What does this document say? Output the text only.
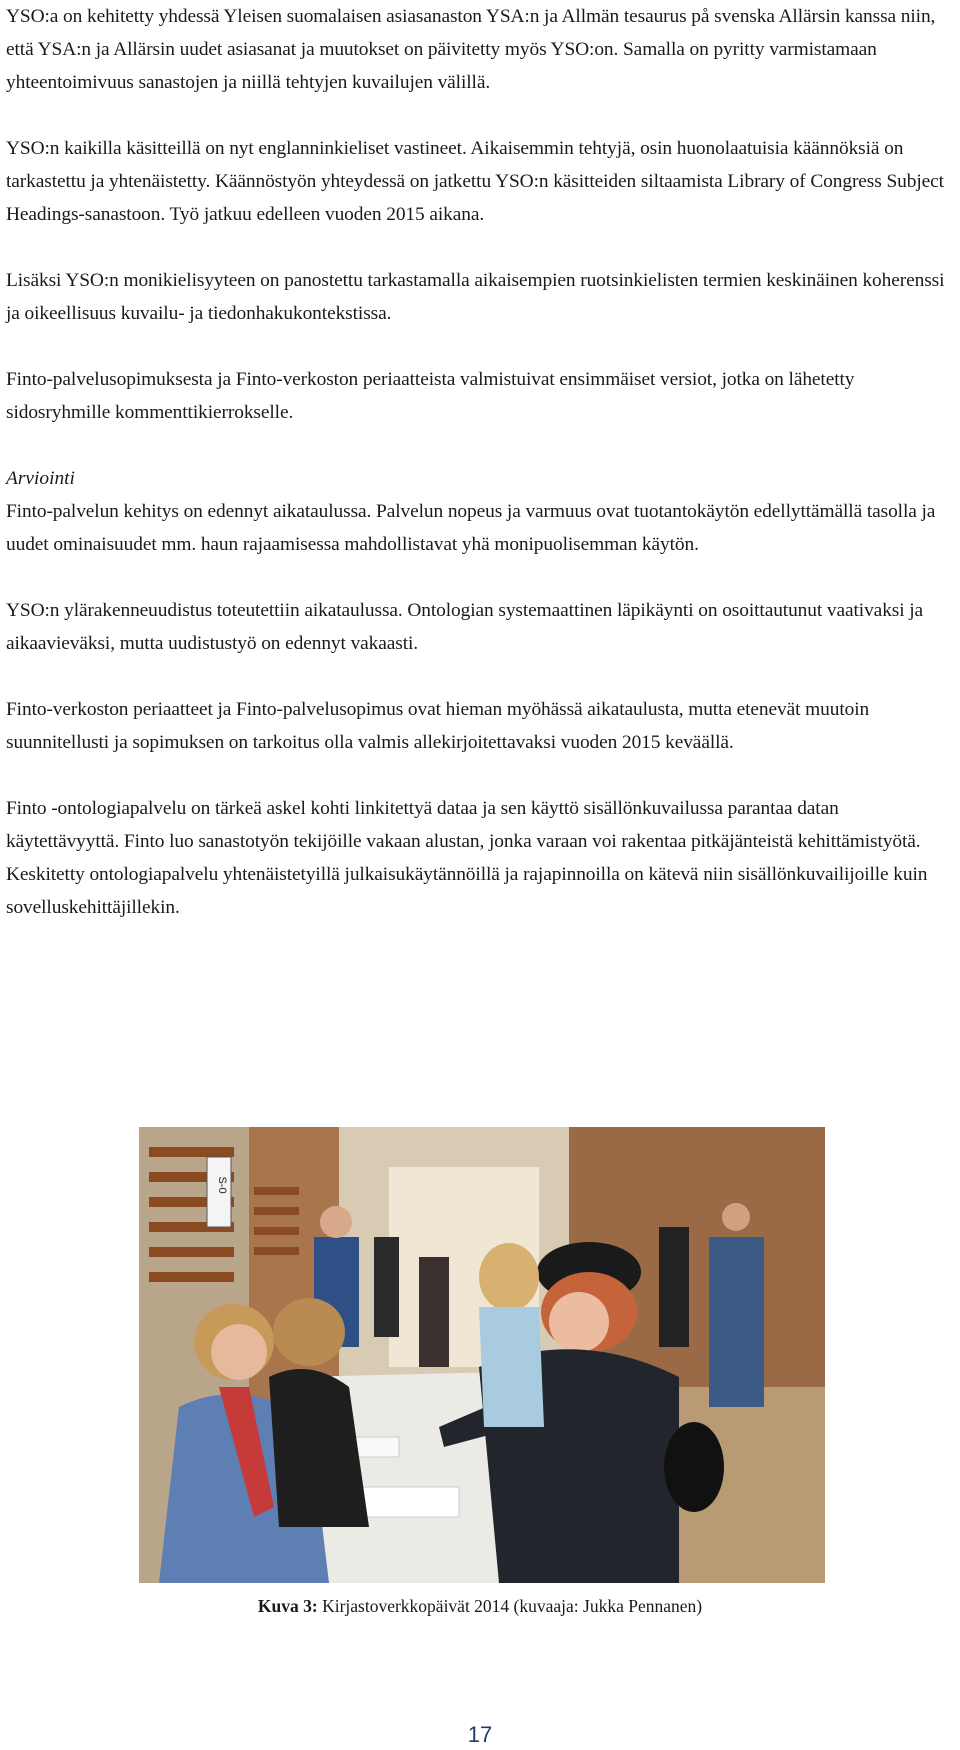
YSO:a on kehitetty yhdessä Yleisen suomalaisen asiasanaston YSA:n ja Allmän tesaurus på svenska Allärsin kanssa niin, että YSA:n ja Allärsin uudet asiasanat ja muutokset on päivitetty myös YSO:on. Samalla on pyritty varmistamaan yhteentoimivuus sanastojen ja niillä tehtyjen kuvailujen välillä.

YSO:n kaikilla käsitteillä on nyt englanninkieliset vastineet. Aikaisemmin tehtyjä, osin huonolaatuisia käännöksiä on tarkastettu ja yhtenäistetty. Käännöstyön yhteydessä on jatkettu YSO:n käsitteiden siltaamista Library of Congress Subject Headings-sanastoon. Työ jatkuu edelleen vuoden 2015 aikana.

Lisäksi YSO:n monikielisyyteen on panostettu tarkastamalla aikaisempien ruotsinkielisten termien keskinäinen koherenssi ja oikeellisuus kuvailu- ja tiedonhakukontekstissa.

Finto-palvelusopimuksesta ja Finto-verkoston periaatteista valmistuivat ensimmäiset versiot, jotka on lähetetty sidosryhmille kommenttikierrokselle.

Arviointi

Finto-palvelun kehitys on edennyt aikataulussa. Palvelun nopeus ja varmuus ovat tuotantokäytön edellyttämällä tasolla ja uudet ominaisuudet mm. haun rajaamisessa mahdollistavat yhä monipuolisemman käytön.

YSO:n ylärakenneuudistus toteutettiin aikataulussa. Ontologian systemaattinen läpikäynti on osoittautunut vaativaksi ja aikaavieväksi, mutta uudistustyö on edennyt vakaasti.

Finto-verkoston periaatteet ja Finto-palvelusopimus ovat hieman myöhässä aikataulusta, mutta etenevät muutoin suunnitellusti ja sopimuksen on tarkoitus olla valmis allekirjoitettavaksi vuoden 2015 keväällä.

Finto -ontologiapalvelu on tärkeä askel kohti linkitettyä dataa ja sen käyttö sisällönkuvailussa parantaa datan käytettävyyttä. Finto luo sanastotyön tekijöille vakaan alustan, jonka varaan voi rakentaa pitkäjänteistä kehittämistyötä. Keskitetty ontologiapalvelu yhtenäistetyillä julkaisukäytännöillä ja rajapinnoilla on kätevä niin sisällönkuvailijoille kuin sovelluskehittäjillekin.

S-0
Kuva 3: Kirjastoverkkopäivät 2014 (kuvaaja: Jukka Pennanen)
17
